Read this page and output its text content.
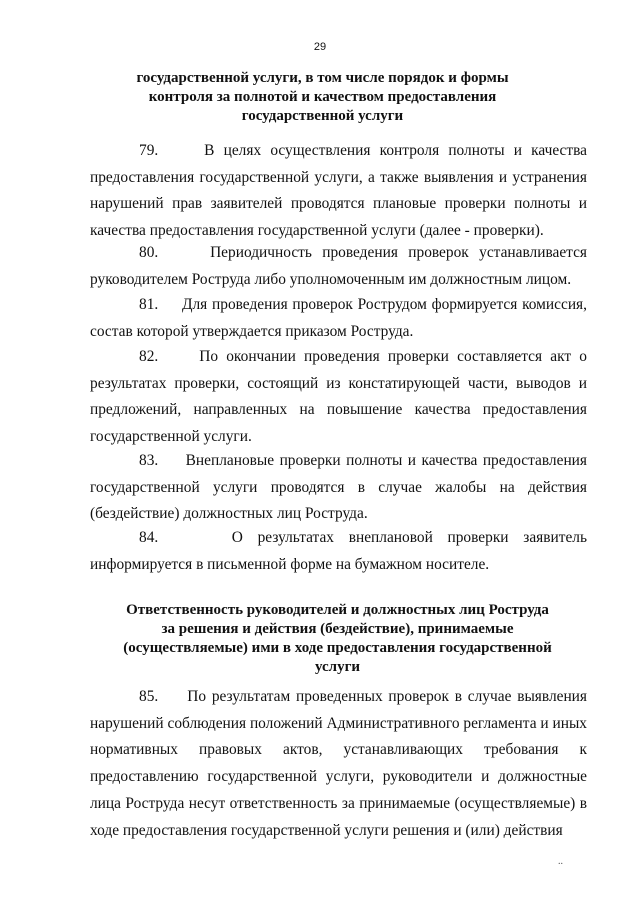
29
государственной услуги, в том числе порядок и формы
контроля за полнотой и качеством предоставления
государственной услуги
79.	В целях осуществления контроля полноты и качества предоставления государственной услуги, а также выявления и устранения нарушений прав заявителей проводятся плановые проверки полноты и качества предоставления государственной услуги (далее - проверки).
80.	Периодичность проведения проверок устанавливается руководителем Роструда либо уполномоченным им должностным лицом.
81. Для проведения проверок Рострудом формируется комиссия, состав которой утверждается приказом Роструда.
82.	По окончании проведения проверки составляется акт о результатах проверки, состоящий из констатирующей части, выводов и предложений, направленных на повышение качества предоставления государственной услуги.
83. Внеплановые проверки полноты и качества предоставления государственной услуги проводятся в случае жалобы на действия (бездействие) должностных лиц Роструда.
84.	О результатах внеплановой проверки заявитель информируется в письменной форме на бумажном носителе.
Ответственность руководителей и должностных лиц Роструда
за решения и действия (бездействие), принимаемые
(осуществляемые) ими в ходе предоставления государственной
услуги
85. По результатам проведенных проверок в случае выявления нарушений соблюдения положений Административного регламента и иных нормативных правовых актов, устанавливающих требования к предоставлению государственной услуги, руководители и должностные лица Роструда несут ответственность за принимаемые (осуществляемые) в ходе предоставления государственной услуги решения и (или) действия
..
